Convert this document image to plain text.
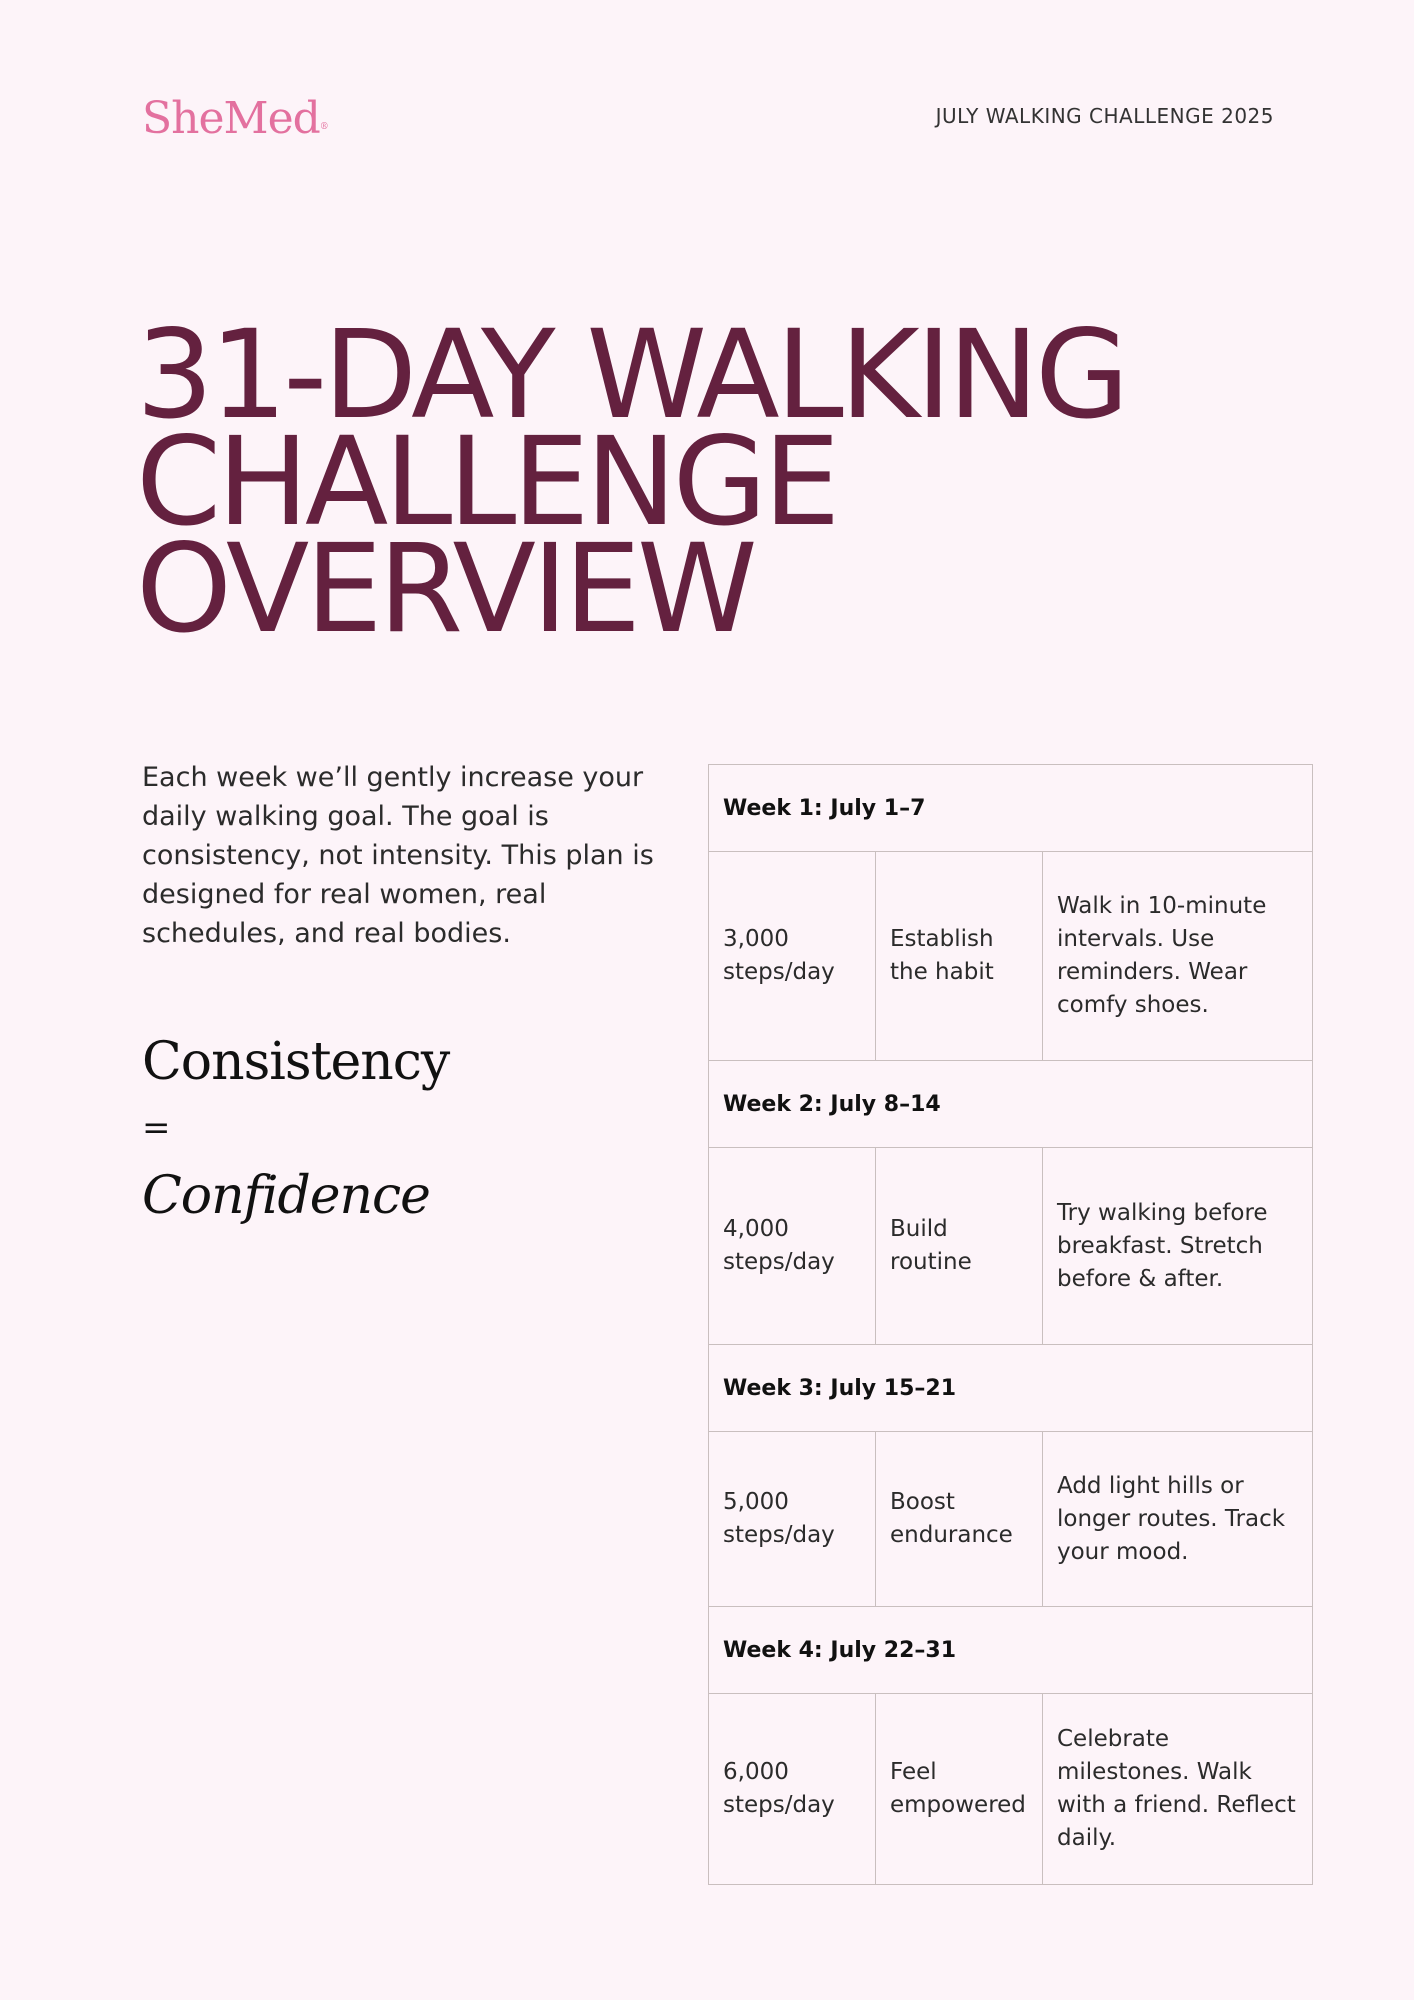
SheMed®	JULY WALKING CHALLENGE 2025

31-DAY WALKING
CHALLENGE
OVERVIEW

Each week we’ll gently increase your daily walking goal. The goal is consistency, not intensity. This plan is designed for real women, real schedules, and real bodies.

Consistency

=

Confidence

Week 1: July 1–7		
3,000 steps/day	Establish the habit	Walk in 10-minute intervals. Use reminders. Wear comfy shoes.
Week 2: July 8–14		
4,000 steps/day	Build routine	Try walking before breakfast. Stretch before & after.
Week 3: July 15–21		
5,000 steps/day	Boost endurance	Add light hills or longer routes. Track your mood.
Week 4: July 22–31		
6,000 steps/day	Feel empowered	Celebrate milestones. Walk with a friend. Reflect daily.
